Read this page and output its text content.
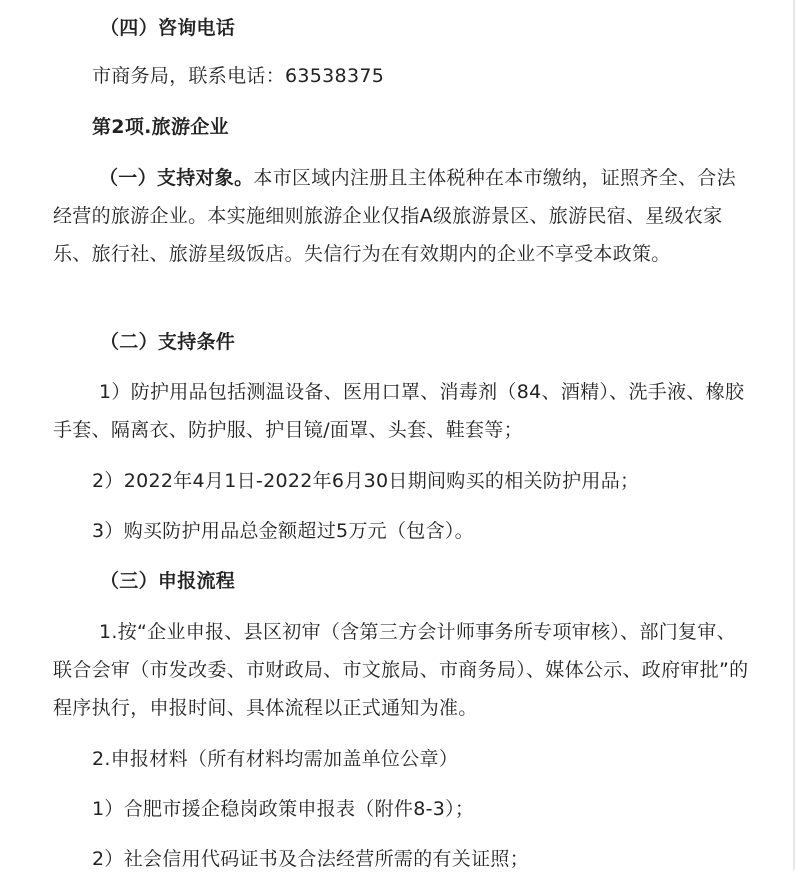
（四）咨询电话
市商务局，联系电话：63538375
第2项.旅游企业
（一）支持对象。本市区域内注册且主体税种在本市缴纳，证照齐全、合法经营的旅游企业。本实施细则旅游企业仅指A级旅游景区、旅游民宿、星级农家乐、旅行社、旅游星级饭店。失信行为在有效期内的企业不享受本政策。
（二）支持条件
1）防护用品包括测温设备、医用口罩、消毒剂（84、酒精）、洗手液、橡胶手套、隔离衣、防护服、护目镜/面罩、头套、鞋套等；
2）2022年4月1日-2022年6月30日期间购买的相关防护用品；
3）购买防护用品总金额超过5万元（包含）。
（三）申报流程
1.按“企业申报、县区初审（含第三方会计师事务所专项审核）、部门复审、联合会审（市发改委、市财政局、市文旅局、市商务局）、媒体公示、政府审批”的程序执行，申报时间、具体流程以正式通知为准。
2.申报材料（所有材料均需加盖单位公章）
1）合肥市援企稳岗政策申报表（附件8-3）；
2）社会信用代码证书及合法经营所需的有关证照；
